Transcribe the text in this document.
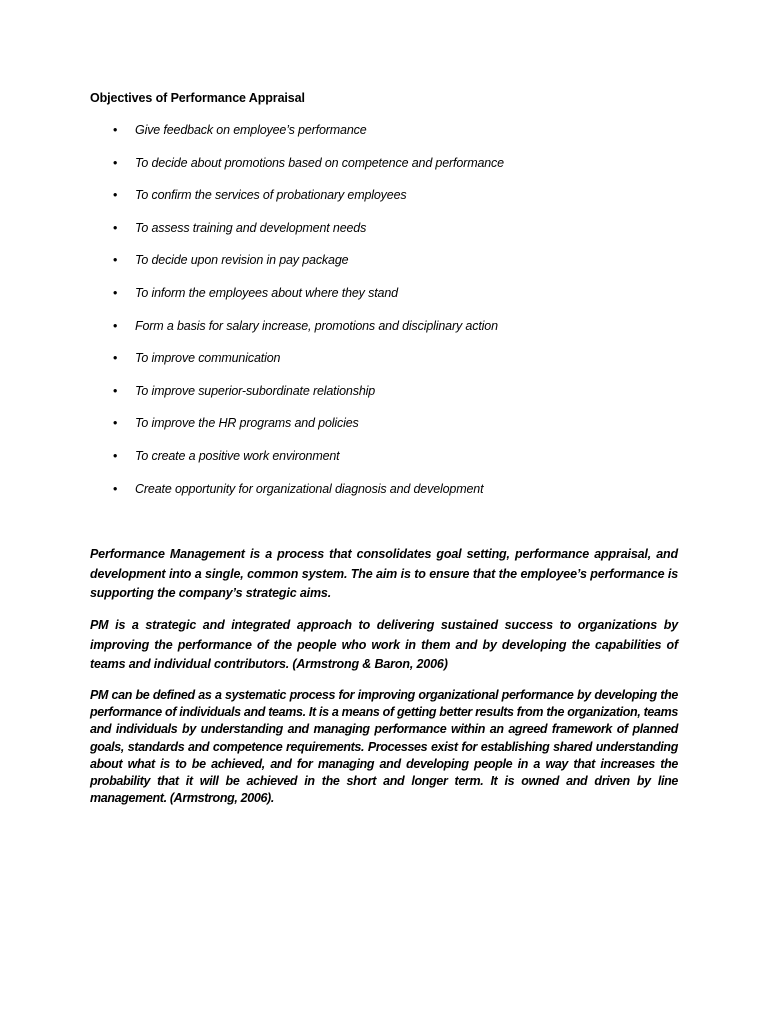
Objectives of Performance Appraisal
• Give feedback on employee’s performance
• To decide about promotions based on competence and performance
• To confirm the services of probationary employees
• To assess training and development needs
• To decide upon revision in pay package
• To inform the employees about where they stand
• Form a basis for salary increase, promotions and disciplinary action
• To improve communication
• To improve superior-subordinate relationship
• To improve the HR programs and policies
• To create a positive work environment
• Create opportunity for organizational diagnosis and development

Performance Management is a process that consolidates goal setting, performance appraisal, and development into a single, common system. The aim is to ensure that the employee’s performance is supporting the company’s strategic aims.

PM is a strategic and integrated approach to delivering sustained success to organizations by improving the performance of the people who work in them and by developing the capabilities of teams and individual contributors. (Armstrong & Baron, 2006)

PM can be defined as a systematic process for improving organizational performance by developing the performance of individuals and teams. It is a means of getting better results from the organization, teams and individuals by understanding and managing performance within an agreed framework of planned goals, standards and competence requirements. Processes exist for establishing shared understanding about what is to be achieved, and for managing and developing people in a way that increases the probability that it will be achieved in the short and longer term. It is owned and driven by line management. (Armstrong, 2006).
